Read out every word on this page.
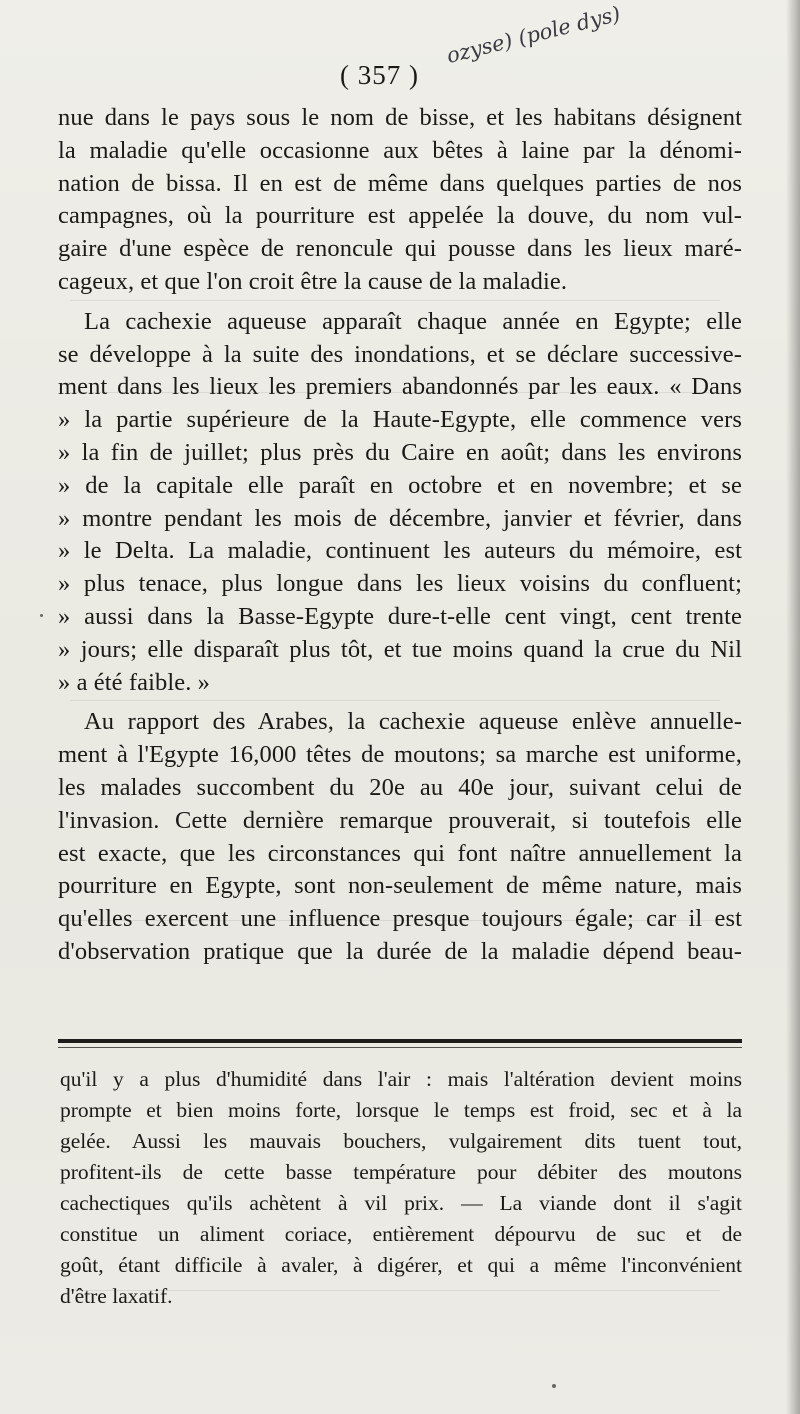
( 357 )
ozyse) (pole dys)
nue dans le pays sous le nom de bisse, et les habitans désignent
la maladie qu'elle occasionne aux bêtes à laine par la dénomi-
nation de bissa. Il en est de même dans quelques parties de nos
campagnes, où la pourriture est appelée la douve, du nom vul-
gaire d'une espèce de renoncule qui pousse dans les lieux maré-
cageux, et que l'on croit être la cause de la maladie.
La cachexie aqueuse apparaît chaque année en Egypte; elle
se développe à la suite des inondations, et se déclare successive-
ment dans les lieux les premiers abandonnés par les eaux. « Dans
» la partie supérieure de la Haute-Egypte, elle commence vers
» la fin de juillet; plus près du Caire en août; dans les environs
» de la capitale elle paraît en octobre et en novembre; et se
» montre pendant les mois de décembre, janvier et février, dans
» le Delta. La maladie, continuent les auteurs du mémoire, est
» plus tenace, plus longue dans les lieux voisins du confluent;
» aussi dans la Basse-Egypte dure-t-elle cent vingt, cent trente
» jours; elle disparaît plus tôt, et tue moins quand la crue du Nil
» a été faible. »
Au rapport des Arabes, la cachexie aqueuse enlève annuelle-
ment à l'Egypte 16,000 têtes de moutons; sa marche est uniforme,
les malades succombent du 20e au 40e jour, suivant celui de
l'invasion. Cette dernière remarque prouverait, si toutefois elle
est exacte, que les circonstances qui font naître annuellement la
pourriture en Egypte, sont non-seulement de même nature, mais
qu'elles exercent une influence presque toujours égale; car il est
d'observation pratique que la durée de la maladie dépend beau-
qu'il y a plus d'humidité dans l'air : mais l'altération devient moins
prompte et bien moins forte, lorsque le temps est froid, sec et à la
gelée. Aussi les mauvais bouchers, vulgairement dits tuent tout,
profitent-ils de cette basse température pour débiter des moutons
cachectiques qu'ils achètent à vil prix. — La viande dont il s'agit
constitue un aliment coriace, entièrement dépourvu de suc et de
goût, étant difficile à avaler, à digérer, et qui a même l'inconvénient
d'être laxatif.
